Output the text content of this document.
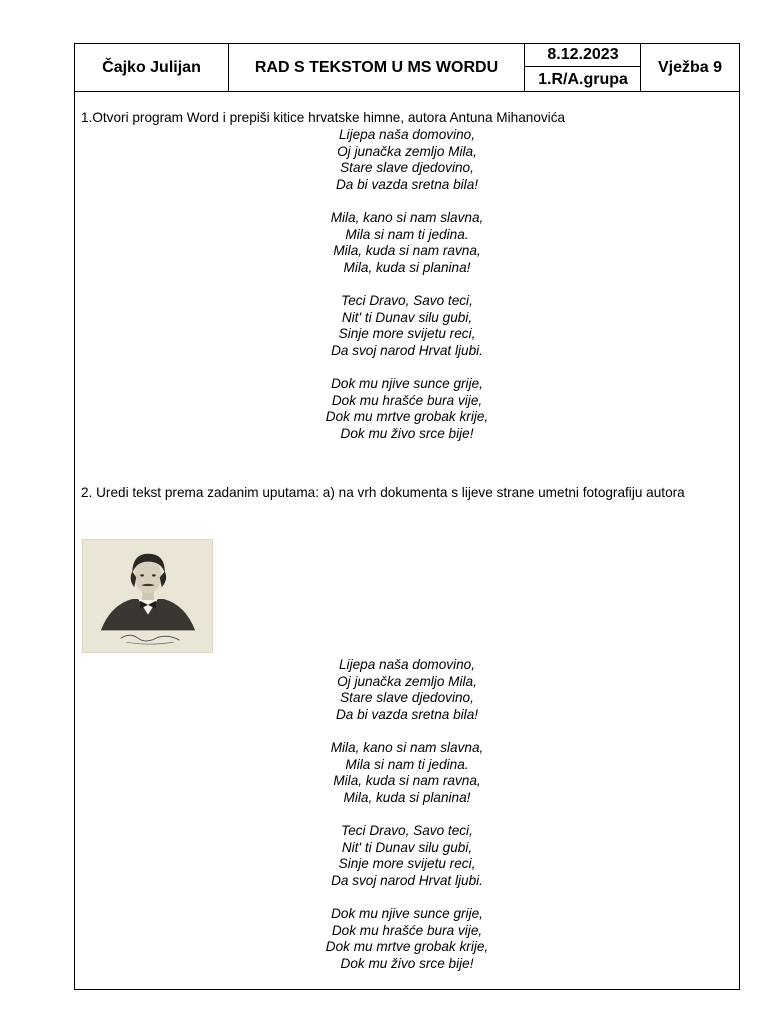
Čajko Julijan	RAD S TEKSTOM U MS WORDU
8.12.2023
1.R/A.grupa
Vježba 9

1.Otvori program Word i prepiši kitice hrvatske himne, autora Antuna Mihanovića

Lijepa naša domovino,
Oj junačka zemljo Mila,
Stare slave djedovino,
Da bi vazda sretna bila!
Mila, kano si nam slavna,
Mila si nam ti jedina.
Mila, kuda si nam ravna,
Mila, kuda si planina!
Teci Dravo, Savo teci,
Nit' ti Dunav silu gubi,
Sinje more svijetu reci,
Da svoj narod Hrvat ljubi.
Dok mu njive sunce grije,
Dok mu hrašće bura vije,
Dok mu mrtve grobak krije,
Dok mu živo srce bije!

2. Uredi tekst prema zadanim uputama: a) na vrh dokumenta s lijeve strane umetni fotografiju autora

Lijepa naša domovino,
Oj junačka zemljo Mila,
Stare slave djedovino,
Da bi vazda sretna bila!
Mila, kano si nam slavna,
Mila si nam ti jedina.
Mila, kuda si nam ravna,
Mila, kuda si planina!
Teci Dravo, Savo teci,
Nit' ti Dunav silu gubi,
Sinje more svijetu reci,
Da svoj narod Hrvat ljubi.
Dok mu njive sunce grije,
Dok mu hrašće bura vije,
Dok mu mrtve grobak krije,
Dok mu živo srce bije!
